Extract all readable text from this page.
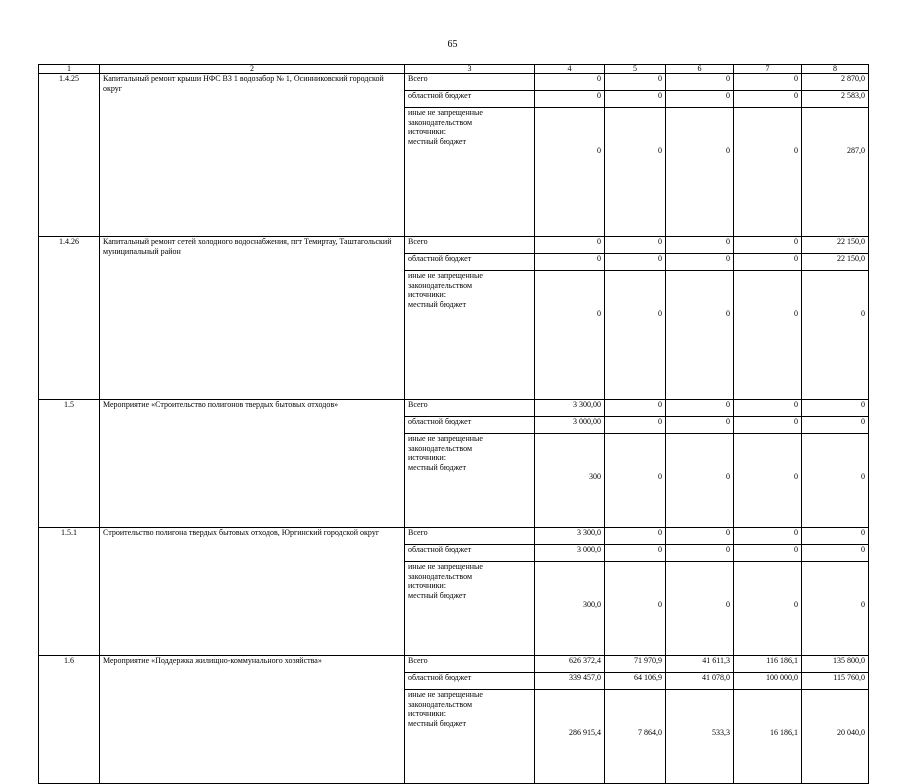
65
1	2	3	4	5	6	7	8
1.4.25	Капитальный ремонт крыши НФС ВЗ 1 водозабор № 1, Осинниковский городской округ	Всего	0	0	0	0	2 870,0
		областной бюджет	0	0	0	0	2 583,0

		иные не запрещенные
законодательством
источники:
местный бюджет	0	0	0	0	287,0
1.4.26	Капитальный ремонт сетей холодного водоснабжения, пгт Темиртау, Таштагольский муниципальный район	Всего	0	0	0	0	22 150,0
		областной бюджет	0	0	0	0	22 150,0

		иные не запрещенные
законодательством
источники:
местный бюджет	0	0	0	0	0
1.5	Мероприятие «Строительство полигонов твердых бытовых отходов»	Всего	3 300,00	0	0	0	0
		областной бюджет	3 000,00	0	0	0	0

		иные не запрещенные
законодательством
источники:
местный бюджет	300	0	0	0	0
1.5.1	Строительство полигона твердых бытовых отходов, Юргинский городской округ	Всего	3 300,0	0	0	0	0
		областной бюджет	3 000,0	0	0	0	0

		иные не запрещенные
законодательством
источники:
местный бюджет	300,0	0	0	0	0
1.6	Мероприятие «Поддержка жилищно-коммунального хозяйства»	Всего	626 372,4	71 970,9	41 611,3	116 186,1	135 800,0
		областной бюджет	339 457,0	64 106,9	41 078,0	100 000,0	115 760,0

		иные не запрещенные
законодательством
источники:
местный бюджет	286 915,4	7 864,0	533,3	16 186,1	20 040,0
